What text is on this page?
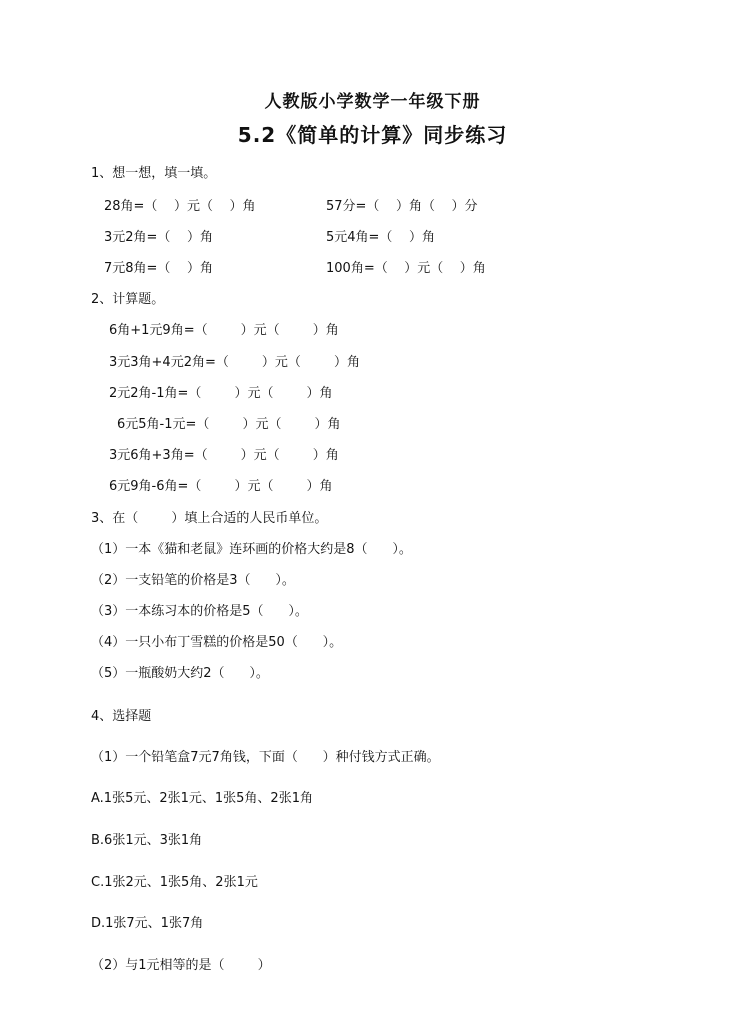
人教版小学数学一年级下册
5.2《简单的计算》同步练习
1、想一想，填一填。
28角=（    ）元（    ）角	57分=（    ）角（    ）分
3元2角=（    ）角	5元4角=（    ）角
7元8角=（    ）角	100角=（    ）元（    ）角
2、计算题。
6角+1元9角=（        ）元（        ）角
3元3角+4元2角=（        ）元（        ）角
2元2角-1角=（        ）元（        ）角
6元5角-1元=（        ）元（        ）角
3元6角+3角=（        ）元（        ）角
6元9角-6角=（        ）元（        ）角
3、在（        ）填上合适的人民币单位。
（1）一本《猫和老鼠》连环画的价格大约是8（      ）。
（2）一支铅笔的价格是3（      ）。
（3）一本练习本的价格是5（      ）。
（4）一只小布丁雪糕的价格是50（      ）。
（5）一瓶酸奶大约2（      ）。
4、选择题
（1）一个铅笔盒7元7角钱，下面（      ）种付钱方式正确。
A.1张5元、2张1元、1张5角、2张1角
B.6张1元、3张1角
C.1张2元、1张5角、2张1元
D.1张7元、1张7角
（2）与1元相等的是（        ）
